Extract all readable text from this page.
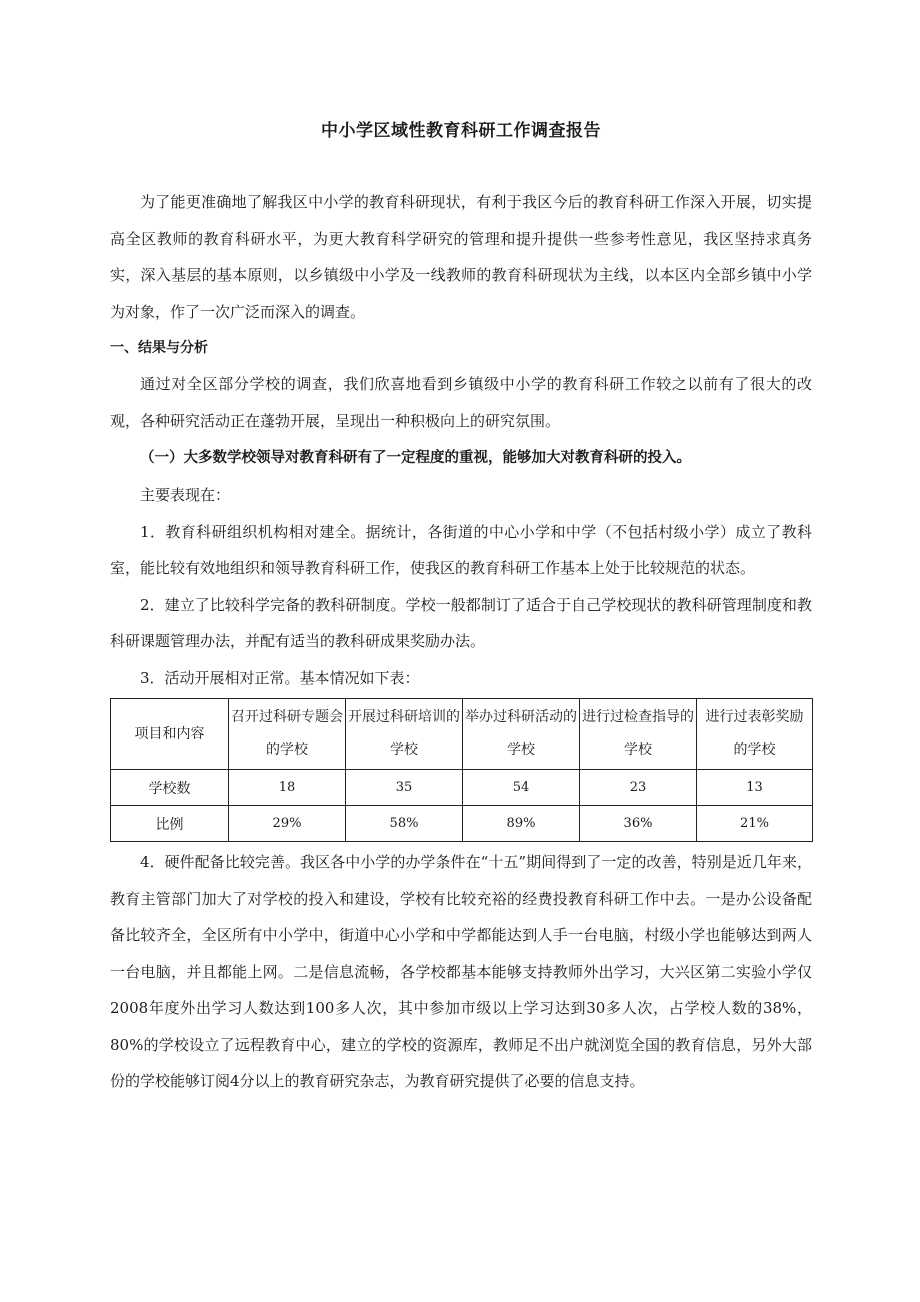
中小学区域性教育科研工作调查报告

为了能更准确地了解我区中小学的教育科研现状，有利于我区今后的教育科研工作深入开展，切实提高全区教师的教育科研水平，为更大教育科学研究的管理和提升提供一些参考性意见，我区坚持求真务实，深入基层的基本原则，以乡镇级中小学及一线教师的教育科研现状为主线，以本区内全部乡镇中小学为对象，作了一次广泛而深入的调查。

一、结果与分析

通过对全区部分学校的调查，我们欣喜地看到乡镇级中小学的教育科研工作较之以前有了很大的改观，各种研究活动正在蓬勃开展，呈现出一种积极向上的研究氛围。

（一）大多数学校领导对教育科研有了一定程度的重视，能够加大对教育科研的投入。

主要表现在：

1．教育科研组织机构相对建全。据统计，各街道的中心小学和中学（不包括村级小学）成立了教科室，能比较有效地组织和领导教育科研工作，使我区的教育科研工作基本上处于比较规范的状态。

2．建立了比较科学完备的教科研制度。学校一般都制订了适合于自己学校现状的教科研管理制度和教科研课题管理办法，并配有适当的教科研成果奖励办法。

3．活动开展相对正常。基本情况如下表：

项目和内容	召开过科研专题会的学校	开展过科研培训的学校	举办过科研活动的学校	进行过检查指导的学校	进行过表彰奖励的学校
学校数	18	35	54	23	13
比例	29%	58%	89%	36%	21%

4．硬件配备比较完善。我区各中小学的办学条件在“十五”期间得到了一定的改善，特别是近几年来，教育主管部门加大了对学校的投入和建设，学校有比较充裕的经费投教育科研工作中去。一是办公设备配备比较齐全，全区所有中小学中，街道中心小学和中学都能达到人手一台电脑，村级小学也能够达到两人一台电脑，并且都能上网。二是信息流畅，各学校都基本能够支持教师外出学习，大兴区第二实验小学仅2008年度外出学习人数达到100多人次，其中参加市级以上学习达到30多人次，占学校人数的38%，80%的学校设立了远程教育中心，建立的学校的资源库，教师足不出户就浏览全国的教育信息，另外大部份的学校能够订阅4分以上的教育研究杂志，为教育研究提供了必要的信息支持。
